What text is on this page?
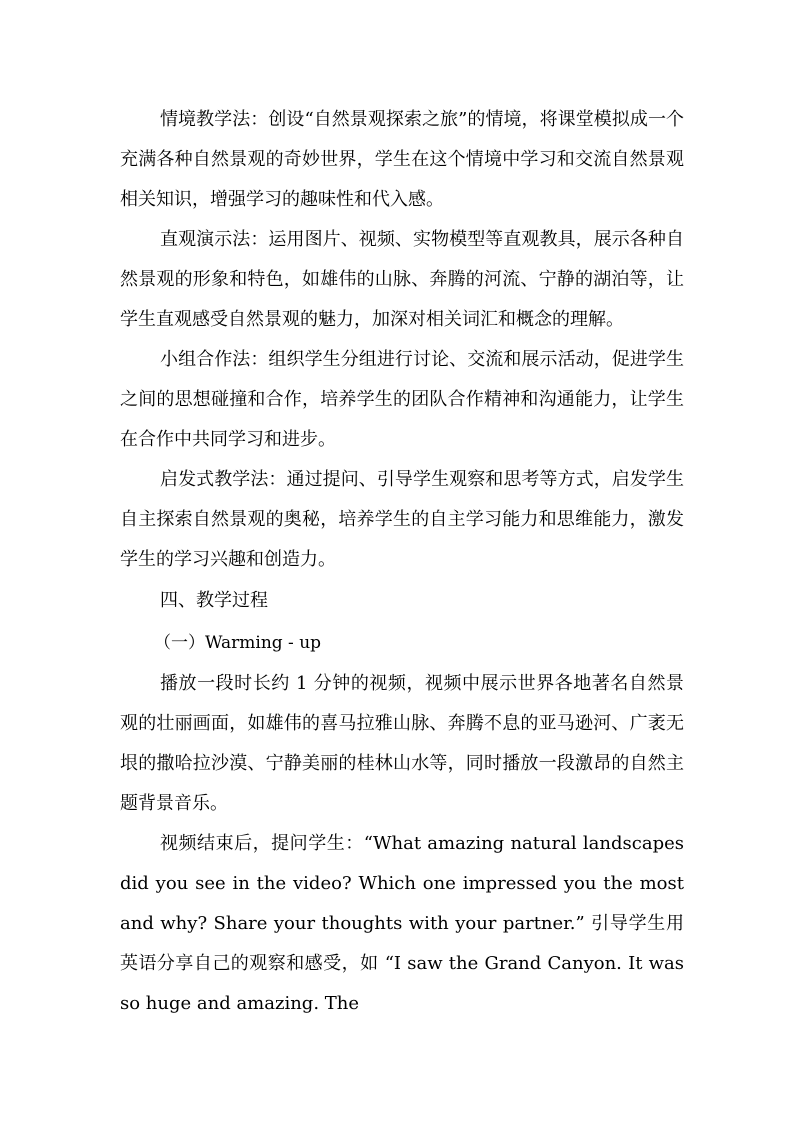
情境教学法：创设“自然景观探索之旅”的情境，将课堂模拟成一个充满各种自然景观的奇妙世界，学生在这个情境中学习和交流自然景观相关知识，增强学习的趣味性和代入感。

直观演示法：运用图片、视频、实物模型等直观教具，展示各种自然景观的形象和特色，如雄伟的山脉、奔腾的河流、宁静的湖泊等，让学生直观感受自然景观的魅力，加深对相关词汇和概念的理解。

小组合作法：组织学生分组进行讨论、交流和展示活动，促进学生之间的思想碰撞和合作，培养学生的团队合作精神和沟通能力，让学生在合作中共同学习和进步。

启发式教学法：通过提问、引导学生观察和思考等方式，启发学生自主探索自然景观的奥秘，培养学生的自主学习能力和思维能力，激发学生的学习兴趣和创造力。

四、教学过程

（一）Warming - up

播放一段时长约 1 分钟的视频，视频中展示世界各地著名自然景观的壮丽画面，如雄伟的喜马拉雅山脉、奔腾不息的亚马逊河、广袤无垠的撒哈拉沙漠、宁静美丽的桂林山水等，同时播放一段激昂的自然主题背景音乐。

视频结束后，提问学生：“What amazing natural landscapes did you see in the video? Which one impressed you the most and why? Share your thoughts with your partner.” 引导学生用英语分享自己的观察和感受，如 “I saw the Grand Canyon. It was so huge and amazing. The
